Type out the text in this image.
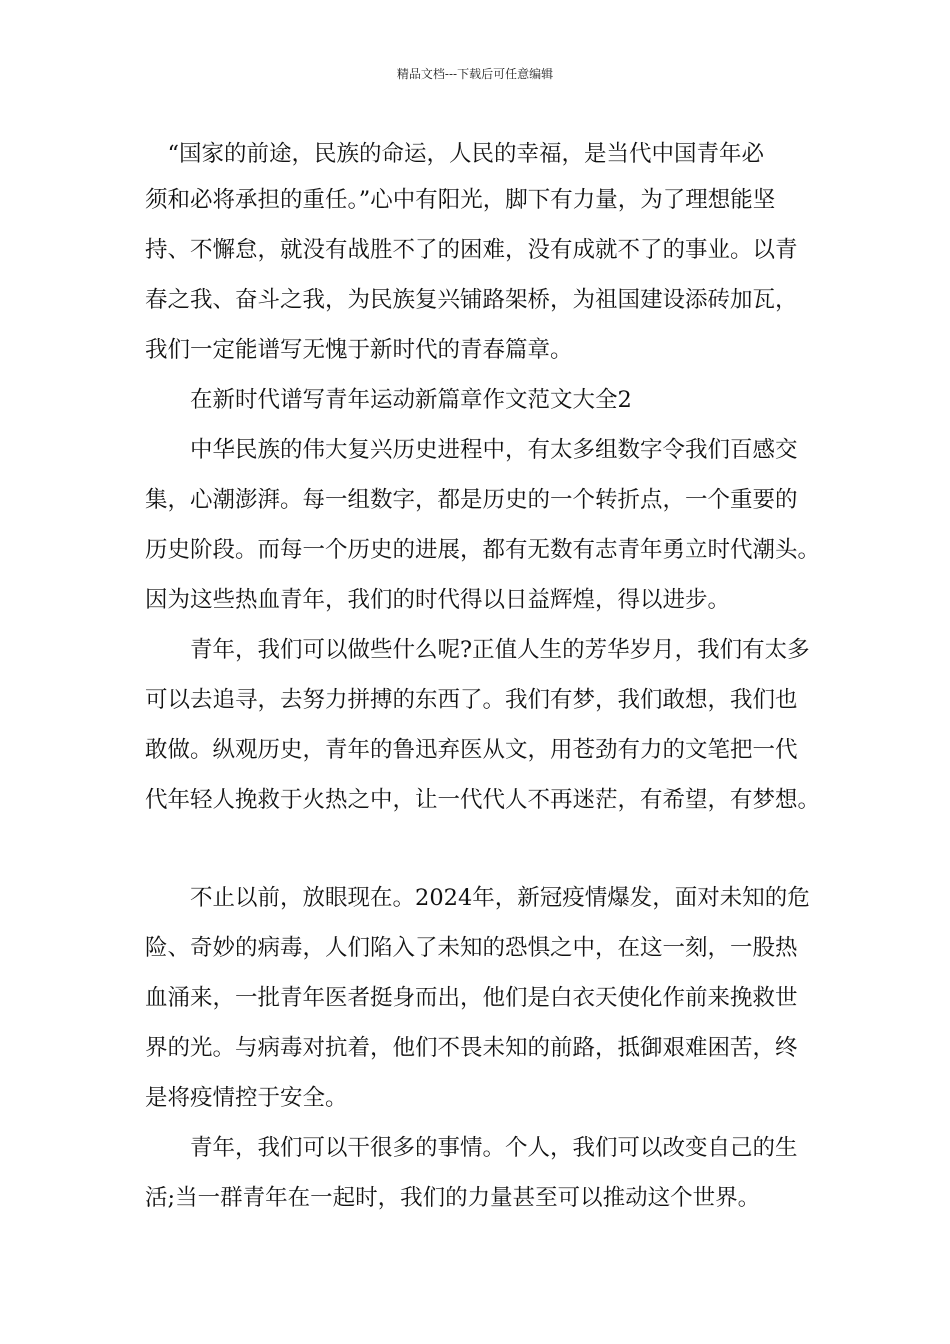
精品文档---下载后可任意编辑
　“国家的前途，民族的命运，人民的幸福，是当代中国青年必
须和必将承担的重任。”心中有阳光，脚下有力量，为了理想能坚
持、不懈怠，就没有战胜不了的困难，没有成就不了的事业。以青
春之我、奋斗之我，为民族复兴铺路架桥，为祖国建设添砖加瓦，
我们一定能谱写无愧于新时代的青春篇章。
　　在新时代谱写青年运动新篇章作文范文大全2
　　中华民族的伟大复兴历史进程中，有太多组数字令我们百感交
集，心潮澎湃。每一组数字，都是历史的一个转折点，一个重要的
历史阶段。而每一个历史的进展，都有无数有志青年勇立时代潮头。
因为这些热血青年，我们的时代得以日益辉煌，得以进步。
　　青年，我们可以做些什么呢?正值人生的芳华岁月，我们有太多
可以去追寻，去努力拼搏的东西了。我们有梦，我们敢想，我们也
敢做。纵观历史，青年的鲁迅弃医从文，用苍劲有力的文笔把一代
代年轻人挽救于火热之中，让一代代人不再迷茫，有希望，有梦想。
　　不止以前，放眼现在。2024年，新冠疫情爆发，面对未知的危
险、奇妙的病毒，人们陷入了未知的恐惧之中，在这一刻，一股热
血涌来，一批青年医者挺身而出，他们是白衣天使化作前来挽救世
界的光。与病毒对抗着，他们不畏未知的前路，抵御艰难困苦，终
是将疫情控于安全。
　　青年，我们可以干很多的事情。个人，我们可以改变自己的生
活;当一群青年在一起时，我们的力量甚至可以推动这个世界。
